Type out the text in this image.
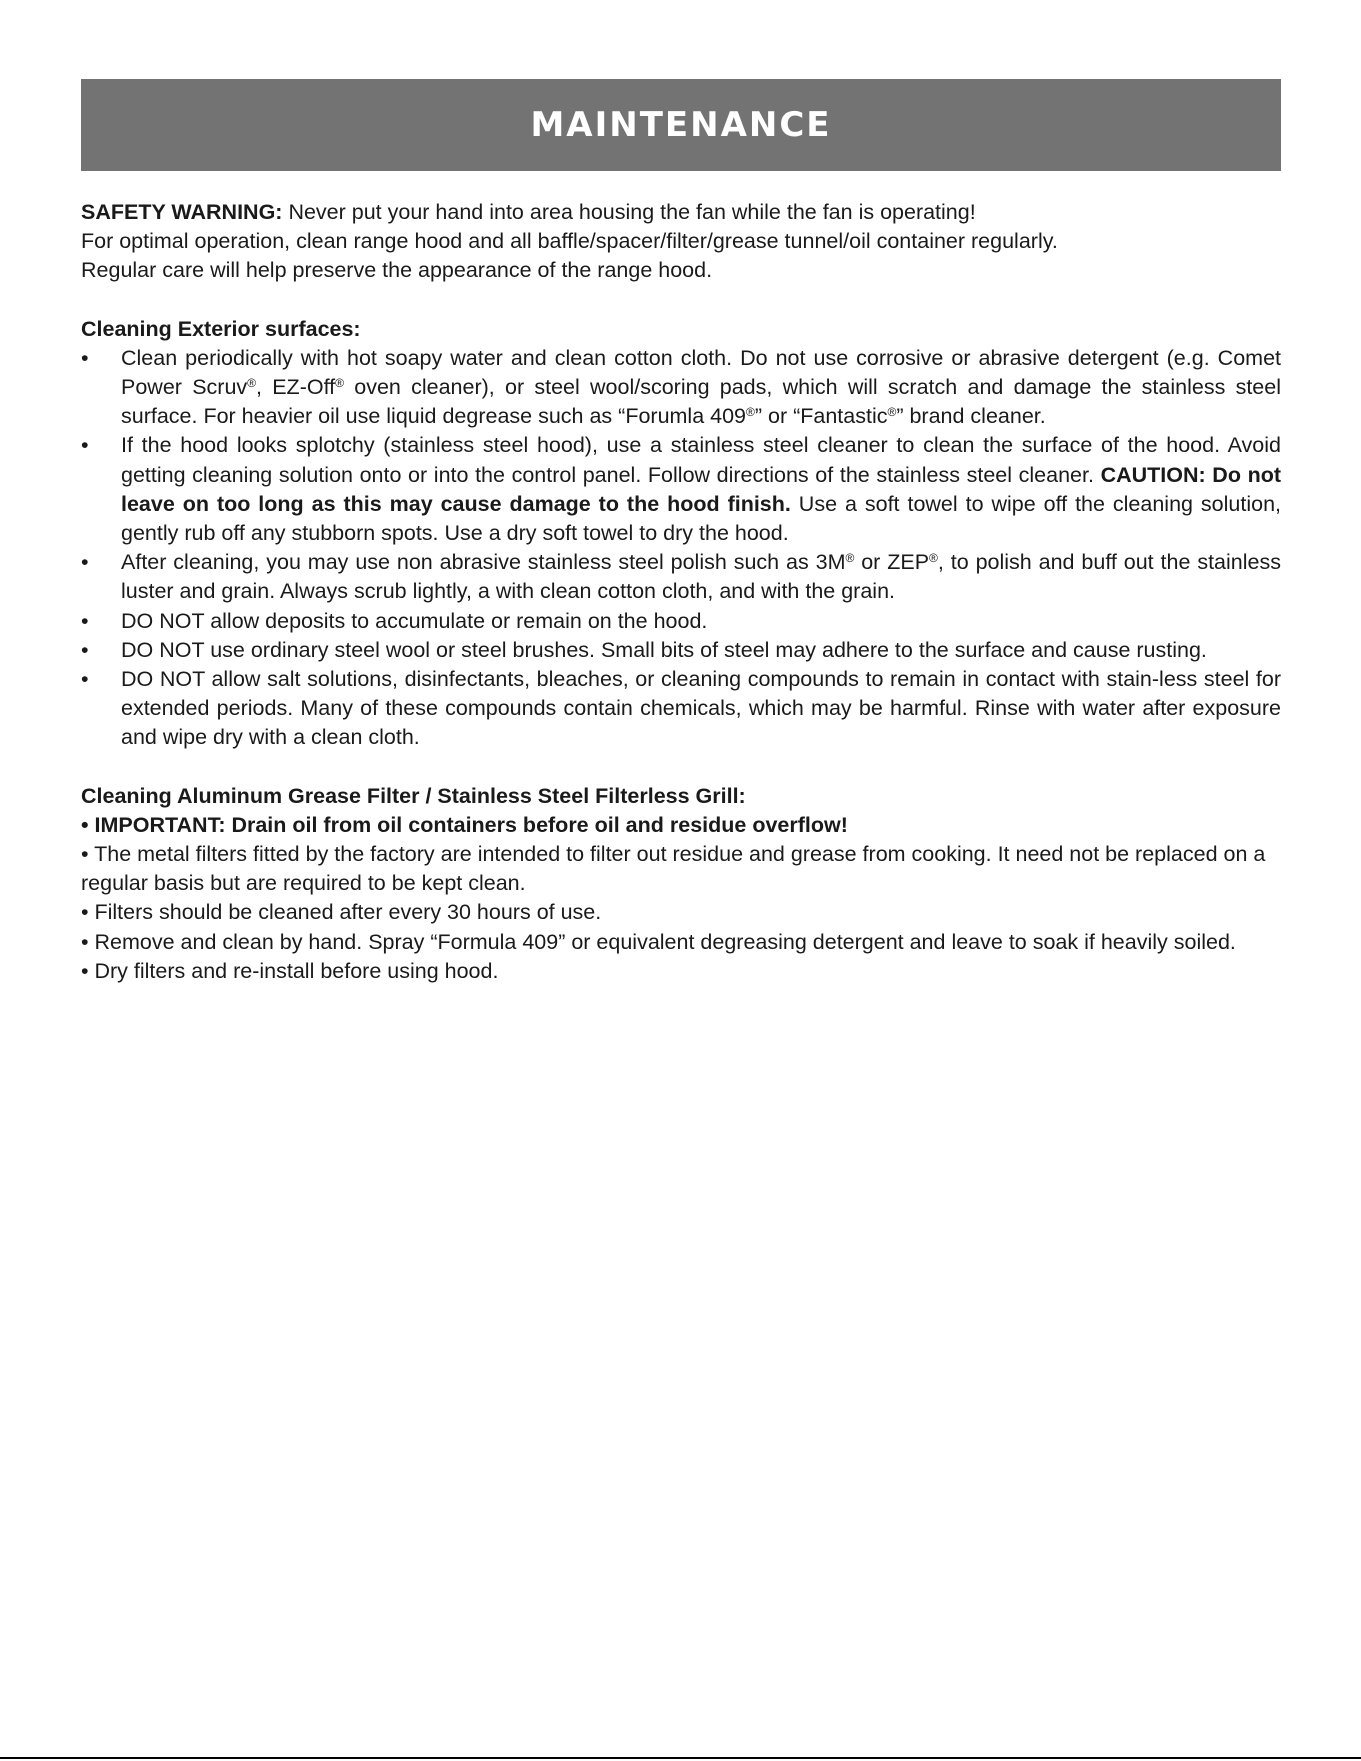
MAINTENANCE

SAFETY WARNING: Never put your hand into area housing the fan while the fan is operating!

For optimal operation, clean range hood and all baffle/spacer/filter/grease tunnel/oil container regularly.

Regular care will help preserve the appearance of the range hood.

Cleaning Exterior surfaces:

•	Clean periodically with hot soapy water and clean cotton cloth. Do not use corrosive or abrasive detergent (e.g. Comet Power Scruv®, EZ-Off® oven cleaner), or steel wool/scoring pads, which will scratch and damage the stainless steel surface. For heavier oil use liquid degrease such as “Forumla 409®” or “Fantastic®” brand cleaner.
•	If the hood looks splotchy (stainless steel hood), use a stainless steel cleaner to clean the surface of the hood. Avoid getting cleaning solution onto or into the control panel. Follow directions of the stainless steel cleaner. CAUTION: Do not leave on too long as this may cause damage to the hood finish. Use a soft towel to wipe off the cleaning solution, gently rub off any stubborn spots. Use a dry soft towel to dry the hood.
•	After cleaning, you may use non abrasive stainless steel polish such as 3M® or ZEP®, to polish and buff out the stainless luster and grain. Always scrub lightly, a with clean cotton cloth, and with the grain.
•	DO NOT allow deposits to accumulate or remain on the hood.
•	DO NOT use ordinary steel wool or steel brushes. Small bits of steel may adhere to the surface and cause rusting.
•	DO NOT allow salt solutions, disinfectants, bleaches, or cleaning compounds to remain in contact with stain-less steel for extended periods. Many of these compounds contain chemicals, which may be harmful. Rinse with water after exposure and wipe dry with a clean cloth.

Cleaning Aluminum Grease Filter / Stainless Steel Filterless Grill:

• IMPORTANT: Drain oil from oil containers before oil and residue overflow!

• The metal filters fitted by the factory are intended to filter out residue and grease from cooking. It need not be replaced on a regular basis but are required to be kept clean.

• Filters should be cleaned after every 30 hours of use.

• Remove and clean by hand. Spray “Formula 409” or equivalent degreasing detergent and leave to soak if heavily soiled.

• Dry filters and re-install before using hood.
